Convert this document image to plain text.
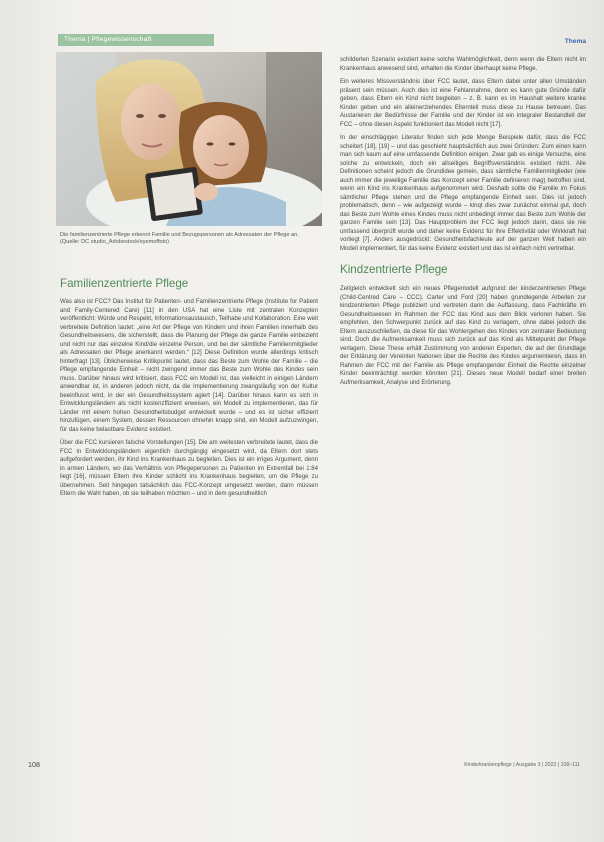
Thema | Pflegewissenschaft	Thema
Die familienzentrierte Pflege erkennt Familie und Bezugspersonen als Adressaten der Pflege an. (Quelle: DC studio_Adobestock/eyemoffoto)
Familienzentrierte Pflege

Was also ist FCC? Das Institut für Patienten- und Familienzentrierte Pflege (Institute for Patient and Family-Centered Care) [11] in den USA hat eine Liste mit zentralen Konzepten veröffentlicht: Würde und Respekt, Informationsaustausch, Teilhabe und Kollaboration. Eine weit verbreitete Definition lautet: „eine Art der Pflege von Kindern und ihren Familien innerhalb des Gesundheitswesens, die sicherstellt, dass die Planung der Pflege die ganze Familie einbezieht und nicht nur das einzelne Kind/die einzelne Person, und bei der sämtliche Familienmitglieder als Adressaten der Pflege anerkannt werden.“ [12] Diese Definition wurde allerdings kritisch hinterfragt [13]. Üblicherweise Kritikpunkt lautet, dass das Beste zum Wohle der Familie – die Pflege empfangende Einheit – nicht zwingend immer das Beste zum Wohle des Kindes sein muss. Darüber hinaus wird kritisiert, dass FCC ein Modell ist, das vielleicht in einigen Ländern anwendbar ist, in anderen jedoch nicht, da die Implementierung zwangsläufig von der Kultur beeinflusst wird, in der ein Gesundheitssystem agiert [14]. Darüber hinaus kann es sich in Entwicklungsländern als nicht kostenzffizient erweisen, ein Modell zu implementieren, das für Länder mit einem hohen Gesundheitsbudget entwickelt wurde – und es ist sicher effizient hinzufügen, einem System, dessen Ressourcen ohnehin knapp sind, ein Modell aufzuzwingen, für das keine belastbare Evidenz existiert.

Über die FCC kursieren falsche Vorstellungen [15]. Die am weitesten verbreitete lautet, dass die FCC in Entwicklungsländern eigentlich durchgängig eingesetzt wird, da Eltern dort stets aufgefordert werden, ihr Kind ins Krankenhaus zu begleiten. Dies ist ein irriges Argument, denn in armen Ländern, wo das Verhältnis von Pflegepersonen zu Patienten im Extremfall bei 1:84 liegt [16], müssen Eltern ihre Kinder schlicht ins Krankenhaus begleiten, um die Pflege zu übernehmen. Seit hingegen tatsächlich das FCC-Konzept umgesetzt werden, dann müssen Eltern die Wahl haben, ob sie teilhaben möchten – und in dem gesundheitlich

schilderten Szenario existiert keine solche Wahlmöglichkeit, denn wenn die Eltern nicht im Krankenhaus anwesend sind, erhalten die Kinder überhaupt keine Pflege.

Ein weiteres Missverständnis über FCC lautet, dass Eltern dabei unter allen Umständen präsent sein müssen. Auch dies ist eine Fehlannahme, denn es kann gute Gründe dafür geben, dass Eltern ein Kind nicht begleiten – z. B. kann es im Haushalt weitere kranke Kinder geben und ein alleinerziehendes Elternteil muss diese zu Hause betreuen. Das Austarieren der Bedürfnisse der Familie und der Kinder ist ein integraler Bestandteil der FCC – ohne diesen Aspekt funktioniert das Modell nicht [17].

In der einschlägigen Literatur finden sich jede Menge Beispiele dafür, dass die FCC scheitert [18], [19] – und das geschieht hauptsächlich aus zwei Gründen: Zum einen kann man sich kaum auf eine umfassende Definition einigen. Zwar gab es einige Versuche, eine solche zu entwickeln, doch ein allseitiges Begriffsverständnis existiert nicht. Alle Definitionen scheint jedoch die Grundidee gemein, dass sämtliche Familienmitglieder (wie auch immer die jeweilige Familie das Konzept einer Familie definieren mag) betroffen sind, wenn ein Kind ins Krankenhaus aufgenommen wird. Deshalb sollte die Familie im Fokus sämtlicher Pflege stehen und die Pflege empfangende Einheit sein. Dies ist jedoch problematisch, denn – wie aufgezeigt wurde – kinqt dies zwar zunächst einmal gut, doch das Beste zum Wohle eines Kindes muss nicht unbedingt immer das Beste zum Wohle der ganzen Familie sein [13]. Das Hauptproblem der FCC liegt jedoch darin, dass sie nie umfassend überprüft wurde und daher keine Evidenz für ihre Effektivität oder Wirkkraft hat vorliegt [7]. Anders ausgedrückt: Gesundheitsfachleute auf der ganzen Welt haben ein Modell implementiert, für das keine Evidenz existiert und das ist einfach nicht vertretbar.

Kindzentrierte Pflege

Zeitgleich entwickelt sich ein neues Pflegemodell aufgrund der kinderzentrierten Pflege (Child-Centred Care – CCC). Carter und Ford [20] haben grundlegende Arbeiten zur kindzentrierten Pflege publiziert und vertreten darin die Auffassung, dass Fachkräfte im Gesundheitswesen im Rahmen der FCC das Kind aus dem Blick verloren haben. Sie empfehlen, den Schwerpunkt zurück auf das Kind zu verlagern, ohne dabei jedoch die Eltern auszuschließen, da diese für das Wohlergehen des Kindes von zentraler Bedeutung sind. Doch die Aufmerksamkeit muss sich zurück auf das Kind als Mittelpunkt der Pflege verlagern. Diese These erhält Zustimmung von anderen Experten, die auf der Grundlage der Erklärung der Vereinten Nationen über die Rechte des Kindes argumentieren, dass im Rahmen der FCC mit der Familie als Pflege empfangender Einheit die Rechte einzelner Kinder beeinträchtigt werden könnten [21]. Dieses neue Modell bedarf einer breiten Aufmerksamkeit, Analyse und Erörterung.

108	Kinderkrankenpflege | Ausgabe 3 | 2022 | 108–111
